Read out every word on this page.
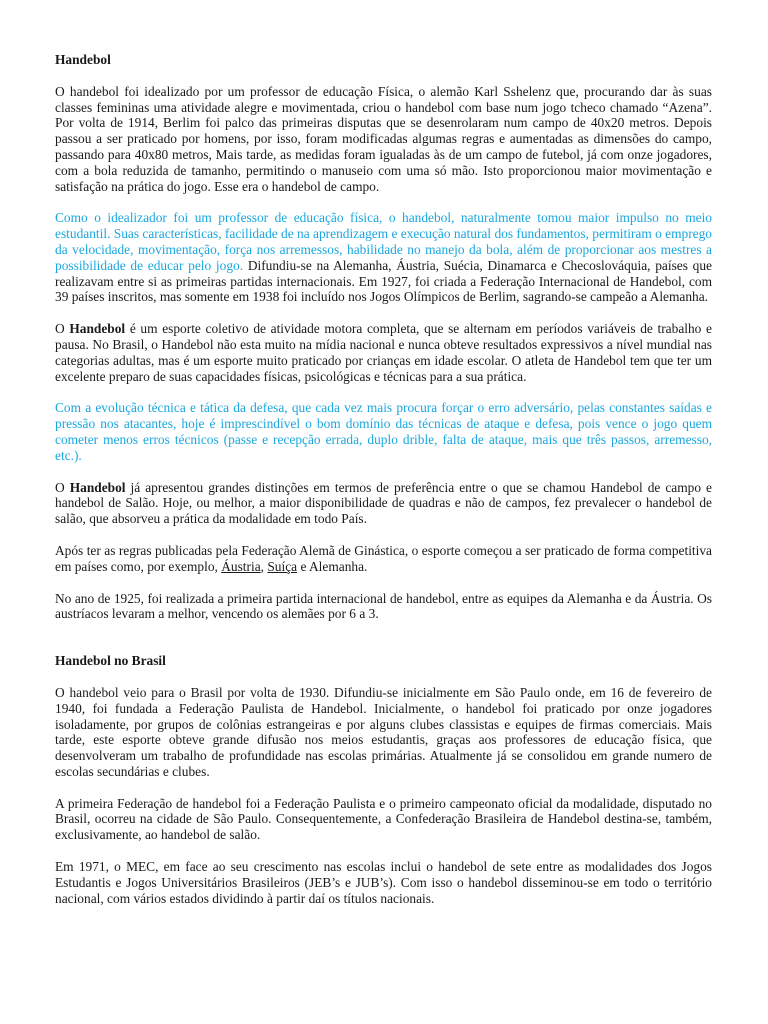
Handebol

O handebol foi idealizado por um professor de educação Física, o alemão Karl Sshelenz que, procurando dar às suas classes femininas uma atividade alegre e movimentada, criou o handebol com base num jogo tcheco chamado “Azena”. Por volta de 1914, Berlim foi palco das primeiras disputas que se desenrolaram num campo de 40x20 metros. Depois passou a ser praticado por homens, por isso, foram modificadas algumas regras e aumentadas as dimensões do campo, passando para 40x80 metros, Mais tarde, as medidas foram igualadas às de um campo de futebol, já com onze jogadores, com a bola reduzida de tamanho, permitindo o manuseio com uma só mão. Isto proporcionou maior movimentação e satisfação na prática do jogo. Esse era o handebol de campo.

Como o idealizador foi um professor de educação física, o handebol, naturalmente tomou maior impulso no meio estudantil. Suas características, facilidade de na aprendizagem e execução natural dos fundamentos, permitiram o emprego da velocidade, movimentação, força nos arremessos, habilidade no manejo da bola, além de proporcionar aos mestres a possibilidade de educar pelo jogo. Difundiu-se na Alemanha, Áustria, Suécia, Dinamarca e Checoslováquia, países que realizavam entre si as primeiras partidas internacionais. Em 1927, foi criada a Federação Internacional de Handebol, com 39 países inscritos, mas somente em 1938 foi incluído nos Jogos Olímpicos de Berlim, sagrando-se campeão a Alemanha.

O Handebol é um esporte coletivo de atividade motora completa, que se alternam em períodos variáveis de trabalho e pausa. No Brasil, o Handebol não esta muito na mídia nacional e nunca obteve resultados expressivos a nível mundial nas categorias adultas, mas é um esporte muito praticado por crianças em idade escolar. O atleta de Handebol tem que ter um excelente preparo de suas capacidades físicas, psicológicas e técnicas para a sua prática.

Com a evolução técnica e tática da defesa, que cada vez mais procura forçar o erro adversário, pelas constantes saídas e pressão nos atacantes, hoje é imprescindível o bom domínio das técnicas de ataque e defesa, pois vence o jogo quem cometer menos erros técnicos (passe e recepção errada, duplo drible, falta de ataque, mais que três passos, arremesso, etc.).

O Handebol já apresentou grandes distinções em termos de preferência entre o que se chamou Handebol de campo e handebol de Salão. Hoje, ou melhor, a maior disponibilidade de quadras e não de campos, fez prevalecer o handebol de salão, que absorveu a prática da modalidade em todo País.

Após ter as regras publicadas pela Federação Alemã de Ginástica, o esporte começou a ser praticado de forma competitiva em países como, por exemplo, Áustria, Suíça e Alemanha.

No ano de 1925, foi realizada a primeira partida internacional de handebol, entre as equipes da Alemanha e da Áustria. Os austríacos levaram a melhor, vencendo os alemães por 6 a 3.

Handebol no Brasil

O handebol veio para o Brasil por volta de 1930. Difundiu-se inicialmente em São Paulo onde, em 16 de fevereiro de 1940, foi fundada a Federação Paulista de Handebol. Inicialmente, o handebol foi praticado por onze jogadores isoladamente, por grupos de colônias estrangeiras e por alguns clubes classistas e equipes de firmas comerciais. Mais tarde, este esporte obteve grande difusão nos meios estudantis, graças aos professores de educação física, que desenvolveram um trabalho de profundidade nas escolas primárias. Atualmente já se consolidou em grande numero de escolas secundárias e clubes.

A primeira Federação de handebol foi a Federação Paulista e o primeiro campeonato oficial da modalidade, disputado no Brasil, ocorreu na cidade de São Paulo. Consequentemente, a Confederação Brasileira de Handebol destina-se, também, exclusivamente, ao handebol de salão.

Em 1971, o MEC, em face ao seu crescimento nas escolas inclui o handebol de sete entre as modalidades dos Jogos Estudantis e Jogos Universitários Brasileiros (JEB’s e JUB’s). Com isso o handebol disseminou-se em todo o território nacional, com vários estados dividindo à partir daí os títulos nacionais.
